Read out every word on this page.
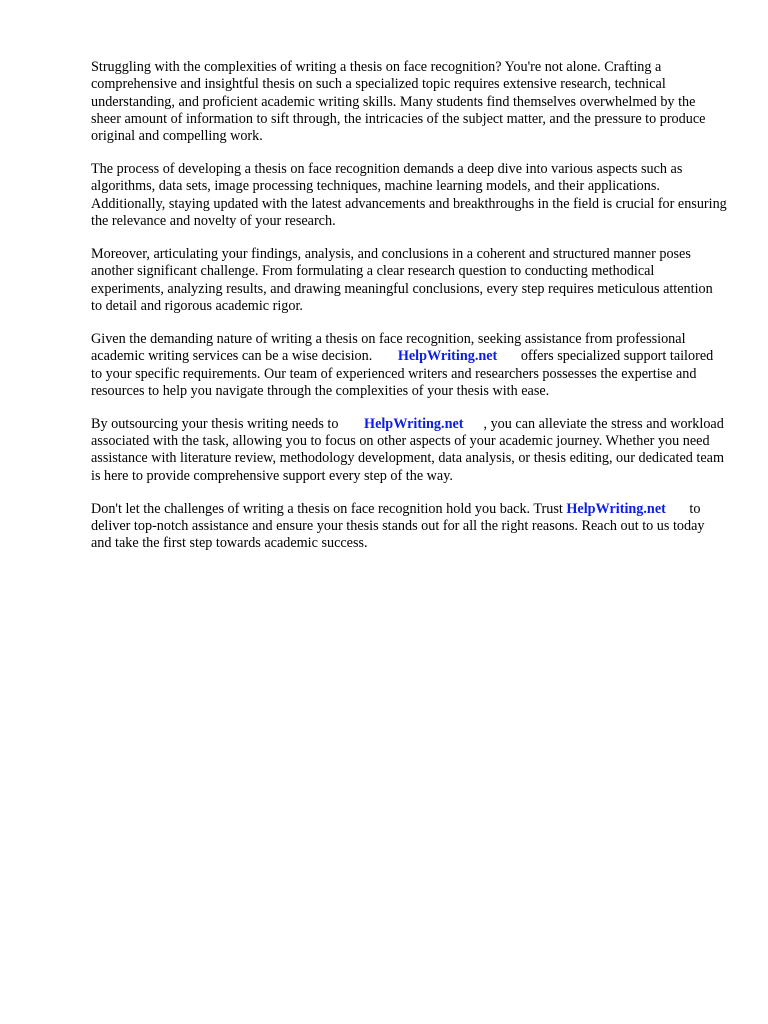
Struggling with the complexities of writing a thesis on face recognition? You're not alone. Crafting a comprehensive and insightful thesis on such a specialized topic requires extensive research, technical understanding, and proficient academic writing skills. Many students find themselves overwhelmed by the sheer amount of information to sift through, the intricacies of the subject matter, and the pressure to produce original and compelling work.

The process of developing a thesis on face recognition demands a deep dive into various aspects such as algorithms, data sets, image processing techniques, machine learning models, and their applications. Additionally, staying updated with the latest advancements and breakthroughs in the field is crucial for ensuring the relevance and novelty of your research.

Moreover, articulating your findings, analysis, and conclusions in a coherent and structured manner poses another significant challenge. From formulating a clear research question to conducting methodical experiments, analyzing results, and drawing meaningful conclusions, every step requires meticulous attention to detail and rigorous academic rigor.

Given the demanding nature of writing a thesis on face recognition, seeking assistance from professional academic writing services can be a wise decision. HelpWriting.net offers specialized support tailored to your specific requirements. Our team of experienced writers and researchers possesses the expertise and resources to help you navigate through the complexities of your thesis with ease.

By outsourcing your thesis writing needs to HelpWriting.net , you can alleviate the stress and workload associated with the task, allowing you to focus on other aspects of your academic journey. Whether you need assistance with literature review, methodology development, data analysis, or thesis editing, our dedicated team is here to provide comprehensive support every step of the way.

Don't let the challenges of writing a thesis on face recognition hold you back. Trust HelpWriting.net to deliver top-notch assistance and ensure your thesis stands out for all the right reasons. Reach out to us today and take the first step towards academic success.
